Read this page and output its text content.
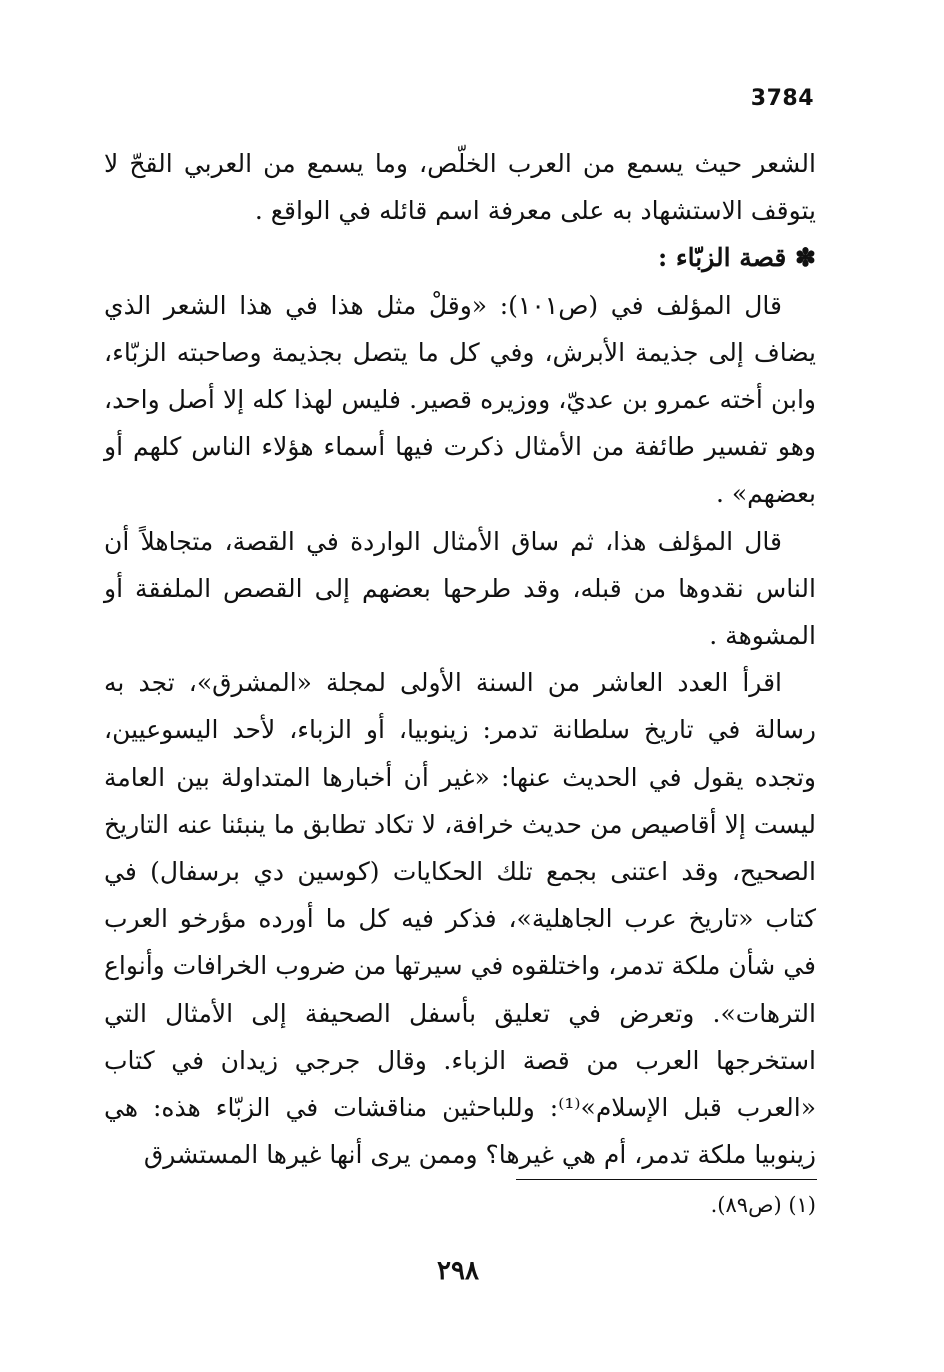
3784

الشعر حيث يسمع من العرب الخلّص، وما يسمع من العربي القحّ لا يتوقف الاستشهاد به على معرفة اسم قائله في الواقع .

✽ قصة الزبّاء :

قال المؤلف في (ص١٠١): «وقلْ مثل هذا في هذا الشعر الذي يضاف إلى جذيمة الأبرش، وفي كل ما يتصل بجذيمة وصاحبته الزبّاء، وابن أخته عمرو بن عديّ، ووزيره قصير. فليس لهذا كله إلا أصل واحد، وهو تفسير طائفة من الأمثال ذكرت فيها أسماء هؤلاء الناس كلهم أو بعضهم» .

قال المؤلف هذا، ثم ساق الأمثال الواردة في القصة، متجاهلاً أن الناس نقدوها من قبله، وقد طرحها بعضهم إلى القصص الملفقة أو المشوهة .

اقرأ العدد العاشر من السنة الأولى لمجلة «المشرق»، تجد به رسالة في تاريخ سلطانة تدمر: زينوبيا، أو الزباء، لأحد اليسوعيين، وتجده يقول في الحديث عنها: «غير أن أخبارها المتداولة بين العامة ليست إلا أقاصيص من حديث خرافة، لا تكاد تطابق ما ينبئنا عنه التاريخ الصحيح، وقد اعتنى بجمع تلك الحكايات (كوسين دي برسفال) في كتاب «تاريخ عرب الجاهلية»، فذكر فيه كل ما أورده مؤرخو العرب في شأن ملكة تدمر، واختلقوه في سيرتها من ضروب الخرافات وأنواع الترهات». وتعرض في تعليق بأسفل الصحيفة إلى الأمثال التي استخرجها العرب من قصة الزباء. وقال جرجي زيدان في كتاب «العرب قبل الإسلام»⁽¹⁾: وللباحثين مناقشات في الزبّاء هذه: هي زينوبيا ملكة تدمر، أم هي غيرها؟ وممن يرى أنها غيرها المستشرق

(١) (ص٨٩).
٢٩٨
